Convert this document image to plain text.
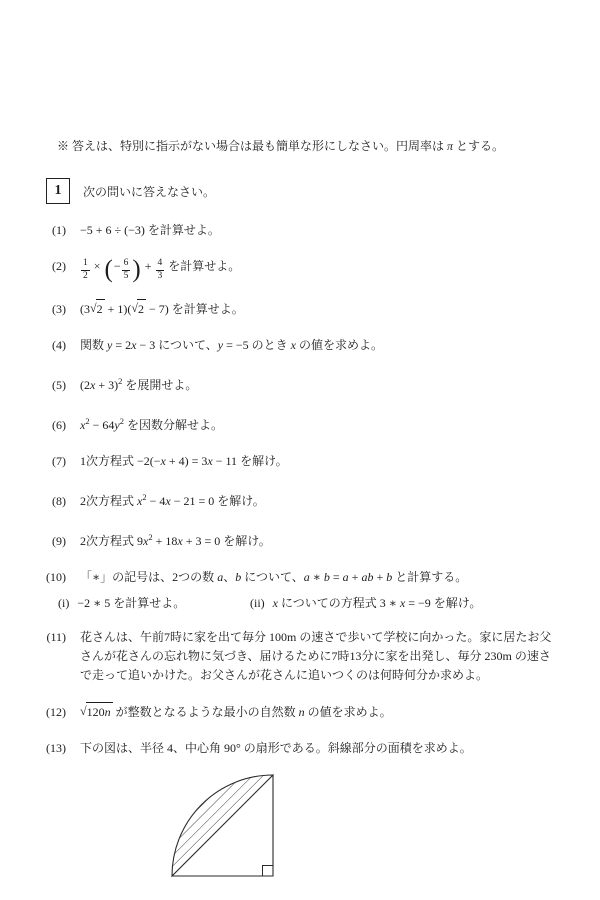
※ 答えは、特別に指示がない場合は最も簡単な形にしなさい。円周率は π とする。
1 次の問いに答えなさい。
(1) −5 + 6 ÷ (−3) を計算せよ。
$(2) \frac{1}{2}$ × (− $\frac{6}{5}$ ) + $\frac{4}{3}$ を計算せよ。
(3) (3√2 + 1)(√2 − 7) を計算せよ。
(4) 関数 y = 2x − 3 について、y = −5 のとき x の値を求めよ。
(5) $(2x + 3)^2$ を展開せよ。
(6) $x^2 - 64y^2$ を因数分解せよ。
(7) 1次方程式 −2(−x + 4) = 3x − 11 を解け。
(8) 2次方程式 $x^2 - 4x - 21 = 0$ を解け。
(9) 2次方程式 $9x^2 + 18x + 3 = 0$ を解け。
(10) 「∗」の記号は、2つの数 a、b について、a ∗ b = a + ab + b と計算する。
(i) −2 ∗ 5 を計算せよ。	(ii) x についての方程式 3 ∗ x = −9 を解け。
(11) 花さんは、午前7時に家を出て毎分 100m の速さで歩いて学校に向かった。家に居たお父さんが花さんの忘れ物に気づき、届けるために7時13分に家を出発し、毎分 230m の速さで走って追いかけた。お父さんが花さんに追いつくのは何時何分か求めよ。
(12) √120n が整数となるような最小の自然数 n の値を求めよ。
(13) 下の図は、半径 4、中心角 90° の扇形である。斜線部分の面積を求めよ。
